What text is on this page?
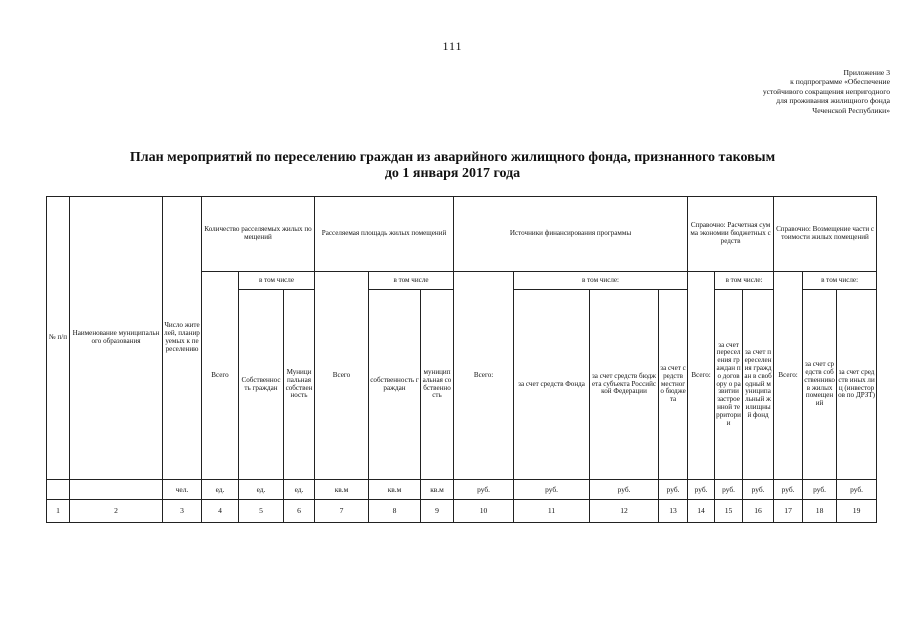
111
Приложение 3
к подпрограмме «Обеспечение
устойчивого сокращения непригодного
для проживания жилищного фонда
Чеченской Республики»
План мероприятий по переселению граждан из аварийного жилищного фонда, признанного таковым
до 1 января 2017 года
№ п/п	Наименование муниципального образования	Число жителей, планируемых к переселению	Количество расселяемых жилых помещений			Расселяемая площадь жилых помещений			Источники финансирования программы				Справочно: Расчетная сумма экономии бюджетных средств			Справочно: Возмещение части стоимости жилых помещений		
			Всего	в том числе		Всего	в том числе		Всего:	в том числе:			Всего:	в том числе:		Всего:	в том числе:	
				Собственность граждан	Муниципальная собственность		собственность граждан	муниципальная собственность		за счет средств Фонда	за счет средств бюджета субъекта Российской Федерации	за счет средств местного бюджета		за счет переселения граждан по договору о развитии застроенной территории	за счет переселения граждан в свободный муниципальный жилищный фонд		за счет средств собственников жилых помещений	за счет средств иных лиц (инвесторов по ДРЗТ)
		чел.	ед.	ед.	ед.	кв.м	кв.м	кв.м	руб.	руб.	руб.	руб.	руб.	руб.	руб.	руб.	руб.	руб.
1	2	3	4	5	6	7	8	9	10	11	12	13	14	15	16	17	18	19
